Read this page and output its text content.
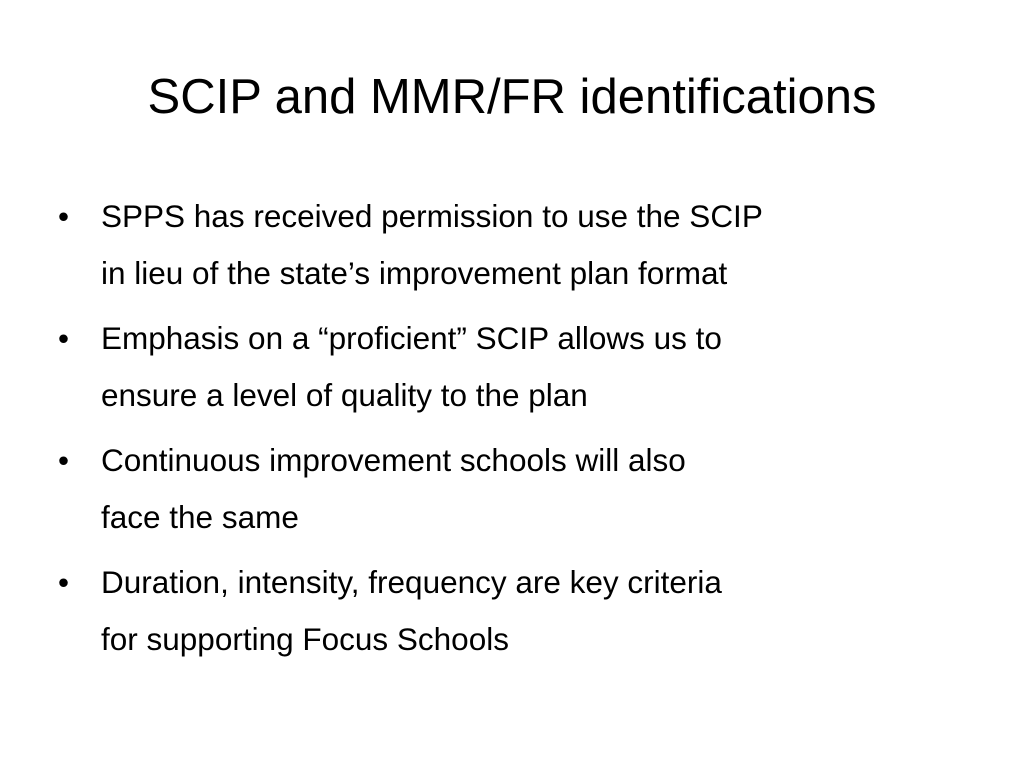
SCIP and MMR/FR identifications
• SPPS has received permission to use the SCIP
in lieu of the state’s improvement plan format
• Emphasis on a “proficient” SCIP allows us to
ensure a level of quality to the plan
• Continuous improvement schools will also
face the same
• Duration, intensity, frequency are key criteria
for supporting Focus Schools
